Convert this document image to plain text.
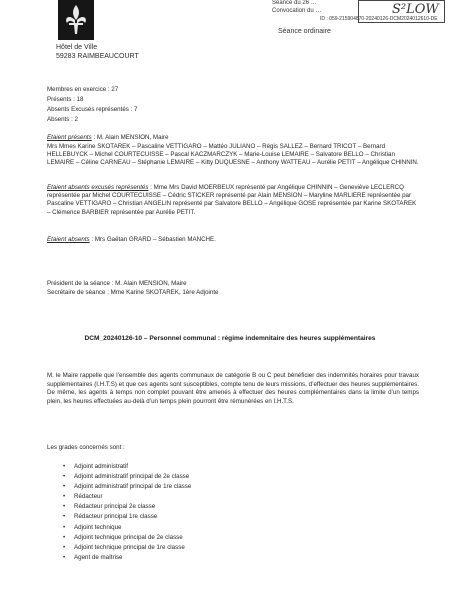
Hôtel de Ville
59283 RAIMBEAUCOURT
Séance du 26 …
Convocation du …
ID : 059-215904870-20240126-DCM2024012610-DE
S²LOW
Séance ordinaire
Membres en exercice : 27
Présents : 18
Absents Excusés représentés : 7
Absents : 2
Etaient présents : M. Alain MENSION, Maire
Mrs Mmes Karine SKOTAREK – Pascaline VETTIGARO – Mattéo JULIANO – Régis SALLEZ – Bernard TRICOT – Bernard HELLEBUYCK – Michel COURTECUISSE – Pascal KACZMARCZYK – Marie-Louise LEMAIRE – Salvatore BELLO – Christian LEMAIRE – Céline CARNEAU – Stéphanie LEMAIRE – Kitty DUQUESNE – Anthony WATTEAU – Aurélie PETIT – Angélique CHINNIN.
Etaient absents excusés représentés : Mme Mrs David MOERBEUX représenté par Angélique CHINNIN – Geneviève LECLERCQ représentée par Michel COURTECUISSE – Cédric STICKER représenté par Alain MENSION – Maryline MARLIERE représentée par Pascaline VETTIGARO – Christian ANGELIN représenté par Salvatore BELLO – Angélique GOSE représentée par Karine SKOTAREK – Clémence BARBIER représentée par Aurélie PETIT.
Etaient absents : Mrs Gaëtan GRARD – Sébastien MANCHE.
Président de la séance : M. Alain MENSION, Maire
Secrétaire de séance : Mme Karine SKOTAREK, 1ère Adjointe
DCM_20240126-10 – Personnel communal : régime indemnitaire des heures supplémentaires
M. le Maire rappelle que l’ensemble des agents communaux de catégorie B ou C peut bénéficier des indemnités horaires pour travaux supplémentaires (I.H.T.S) et que ces agents sont susceptibles, compte tenu de leurs missions, d’effectuer des heures supplémentaires. De même, les agents à temps non complet pouvant être amenés à effectuer des heures complémentaires dans la limite d’un temps plein, les heures effectuées au-delà d’un temps plein pourront être rémunérées en I.H.T.S.
Les grades concernés sont :
• Adjoint administratif
• Adjoint administratif principal de 2e classe
• Adjoint administratif principal de 1re classe
• Rédacteur
• Rédacteur principal 2e classe
• Rédacteur principal 1re classe
• Adjoint technique
• Adjoint technique principal de 2e classe
• Adjoint technique principal de 1re classe
• Agent de maîtrise
